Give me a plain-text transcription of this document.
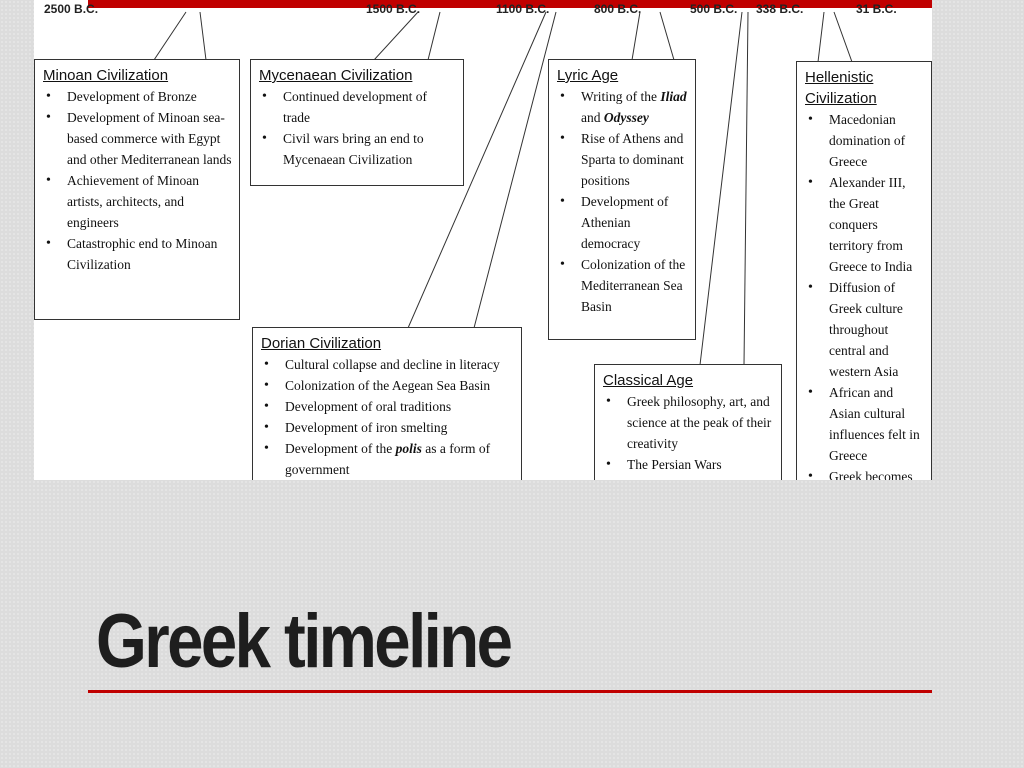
2500 B.C.	1500 B.C.	1100 B.C.	800 B.C.	500 B.C. 338 B.C.	31 B.C.
Minoan Civilization
• Development of Bronze
• Development of Minoan sea-based commerce with Egypt and other Mediterranean lands
• Achievement of Minoan artists, architects, and engineers
• Catastrophic end to Minoan Civilization
Mycenaean Civilization
• Continued development of trade
• Civil wars bring an end to Mycenaean Civilization
Dorian Civilization
• Cultural collapse and decline in literacy
• Colonization of the Aegean Sea Basin
• Development of oral traditions
• Development of iron smelting
• Development of the polis as a form of government
Lyric Age
• Writing of the Iliad and Odyssey
• Rise of Athens and Sparta to dominant positions
• Development of Athenian democracy
• Colonization of the Mediterranean Sea Basin
Classical Age
• Greek philosophy, art, and science at the peak of their creativity
• The Persian Wars
Hellenistic Civilization
• Macedonian domination of Greece
• Alexander III, the Great conquers territory from Greece to India
• Diffusion of Greek culture throughout central and western Asia
• African and Asian cultural influences felt in Greece
• Greek becomes
Greek timeline
